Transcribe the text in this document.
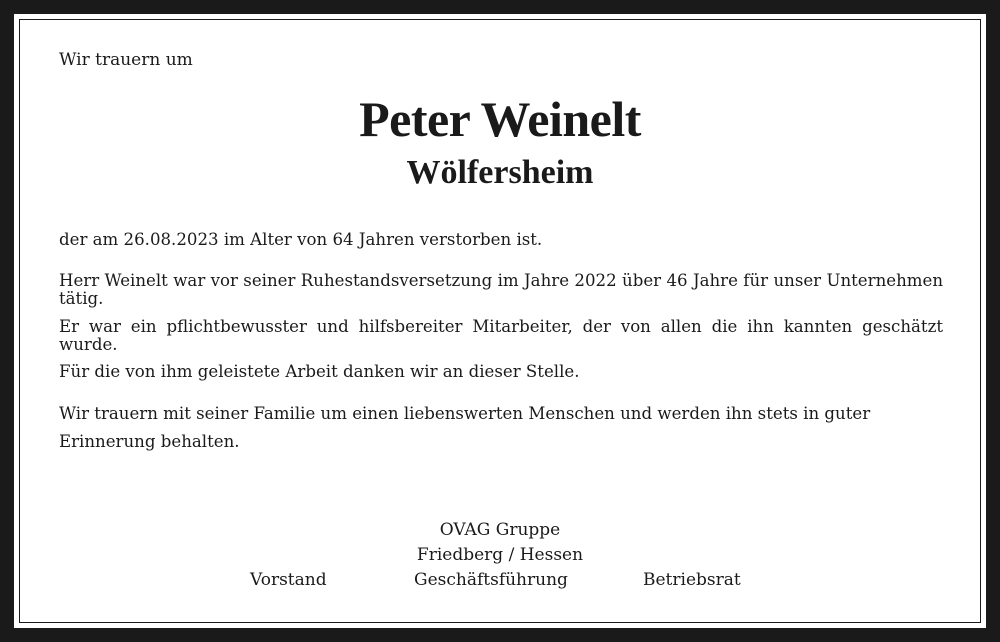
Wir trauern um
Peter Weinelt
Wölfersheim
der am 26.08.2023 im Alter von 64 Jahren verstorben ist.
Herr Weinelt war vor seiner Ruhestandsversetzung im Jahre 2022 über 46 Jahre für unser Unternehmen tätig.
Er war ein pflichtbewusster und hilfsbereiter Mitarbeiter, der von allen die ihn kannten geschätzt wurde.
Für die von ihm geleistete Arbeit danken wir an dieser Stelle.
Wir trauern mit seiner Familie um einen liebenswerten Menschen und werden ihn stets in guter Erinnerung behalten.
OVAG Gruppe
Friedberg / Hessen
Vorstand	Geschäftsführung	Betriebsrat
